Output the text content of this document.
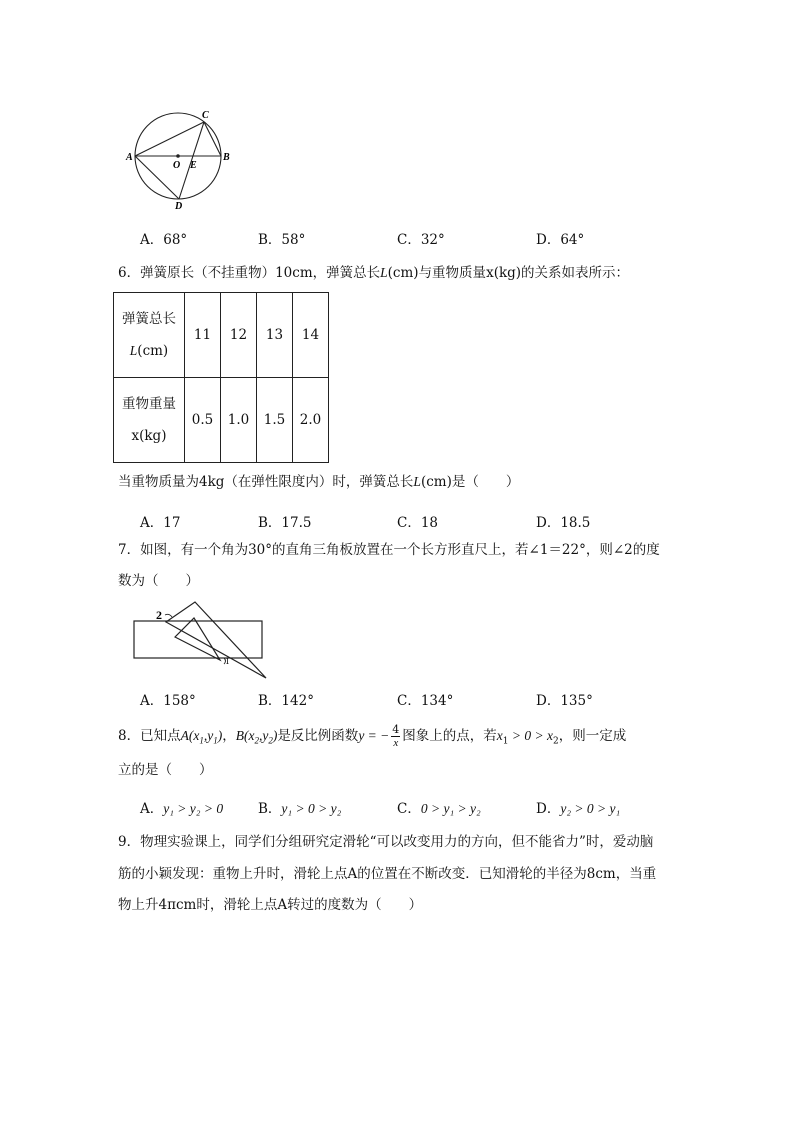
A	B
C
D
O E
A．68°	B．58°	C．32°	D．64°
6．弹簧原长（不挂重物）10cm，弹簧总长L(cm)与重物质量x(kg)的关系如表所示：
弹簧总长
L(cm)	11	12	13	14

重物重量
x(kg)	0.5	1.0	1.5	2.0
当重物质量为4kg（在弹性限度内）时，弹簧总长L(cm)是（　　）
A．17	B．17.5	C．18	D．18.5
7．如图，有一个角为30°的直角三角板放置在一个长方形直尺上，若∠1＝22°，则∠2的度
数为（　　）
2
1
A．158°	B．142°	C．134°	D．135°
8．已知点$A(x_1,y_1)$，$B(x_2,y_2)$是反比例函数y = − $\frac{4}{x}$ 图象上的点，若$x_1 > 0 > x_2$，则一定成
立的是（　　）
A．y₁ > y₂ > 0	B．y₁ > 0 > y₂	C．0 > y₁ > y₂	D．y₂ > 0 > y₁
9．物理实验课上，同学们分组研究定滑轮“可以改变用力的方向，但不能省力”时，爱动脑
筋的小颖发现：重物上升时，滑轮上点A的位置在不断改变．已知滑轮的半径为8cm，当重
物上升4πcm时，滑轮上点A转过的度数为（　　）
